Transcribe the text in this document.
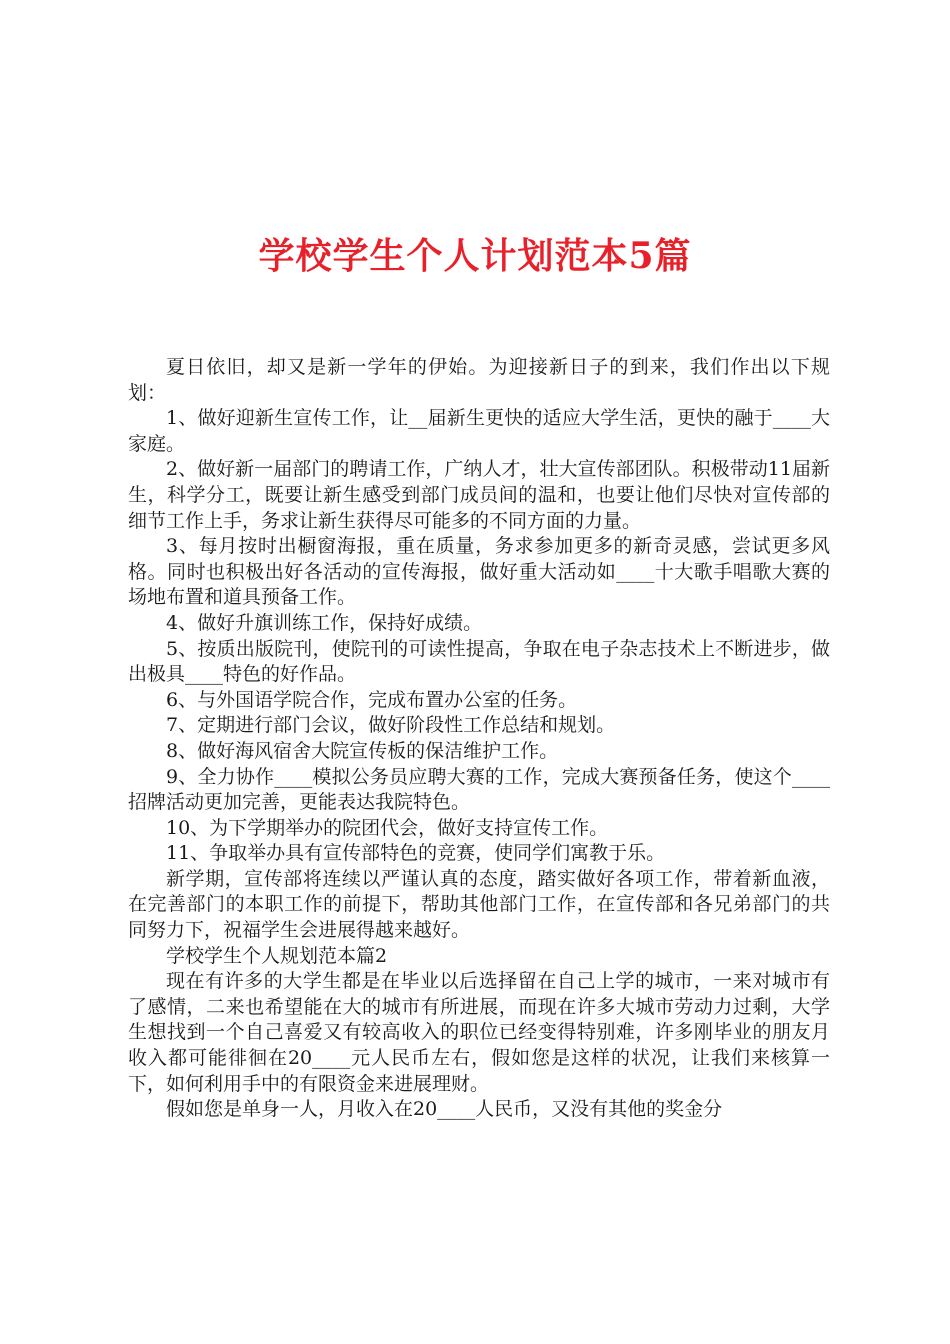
学校学生个人计划范本5篇

夏日依旧，却又是新一学年的伊始。为迎接新日子的到来，我们作出以下规划：

1、做好迎新生宣传工作，让__届新生更快的适应大学生活，更快的融于____大家庭。

2、做好新一届部门的聘请工作，广纳人才，壮大宣传部团队。积极带动11届新生，科学分工，既要让新生感受到部门成员间的温和，也要让他们尽快对宣传部的细节工作上手，务求让新生获得尽可能多的不同方面的力量。

3、每月按时出橱窗海报，重在质量，务求参加更多的新奇灵感，尝试更多风格。同时也积极出好各活动的宣传海报，做好重大活动如____十大歌手唱歌大赛的场地布置和道具预备工作。

4、做好升旗训练工作，保持好成绩。

5、按质出版院刊，使院刊的可读性提高，争取在电子杂志技术上不断进步，做出极具____特色的好作品。

6、与外国语学院合作，完成布置办公室的任务。

7、定期进行部门会议，做好阶段性工作总结和规划。

8、做好海风宿舍大院宣传板的保洁维护工作。

9、全力协作____模拟公务员应聘大赛的工作，完成大赛预备任务，使这个____招牌活动更加完善，更能表达我院特色。

10、为下学期举办的院团代会，做好支持宣传工作。

11、争取举办具有宣传部特色的竞赛，使同学们寓教于乐。

新学期，宣传部将连续以严谨认真的态度，踏实做好各项工作，带着新血液，在完善部门的本职工作的前提下，帮助其他部门工作，在宣传部和各兄弟部门的共同努力下，祝福学生会进展得越来越好。

学校学生个人规划范本篇2

现在有许多的大学生都是在毕业以后选择留在自己上学的城市，一来对城市有了感情，二来也希望能在大的城市有所进展，而现在许多大城市劳动力过剩，大学生想找到一个自己喜爱又有较高收入的职位已经变得特别难，许多刚毕业的朋友月收入都可能徘徊在20____元人民币左右，假如您是这样的状况，让我们来核算一下，如何利用手中的有限资金来进展理财。

假如您是单身一人，月收入在20____人民币，又没有其他的奖金分
